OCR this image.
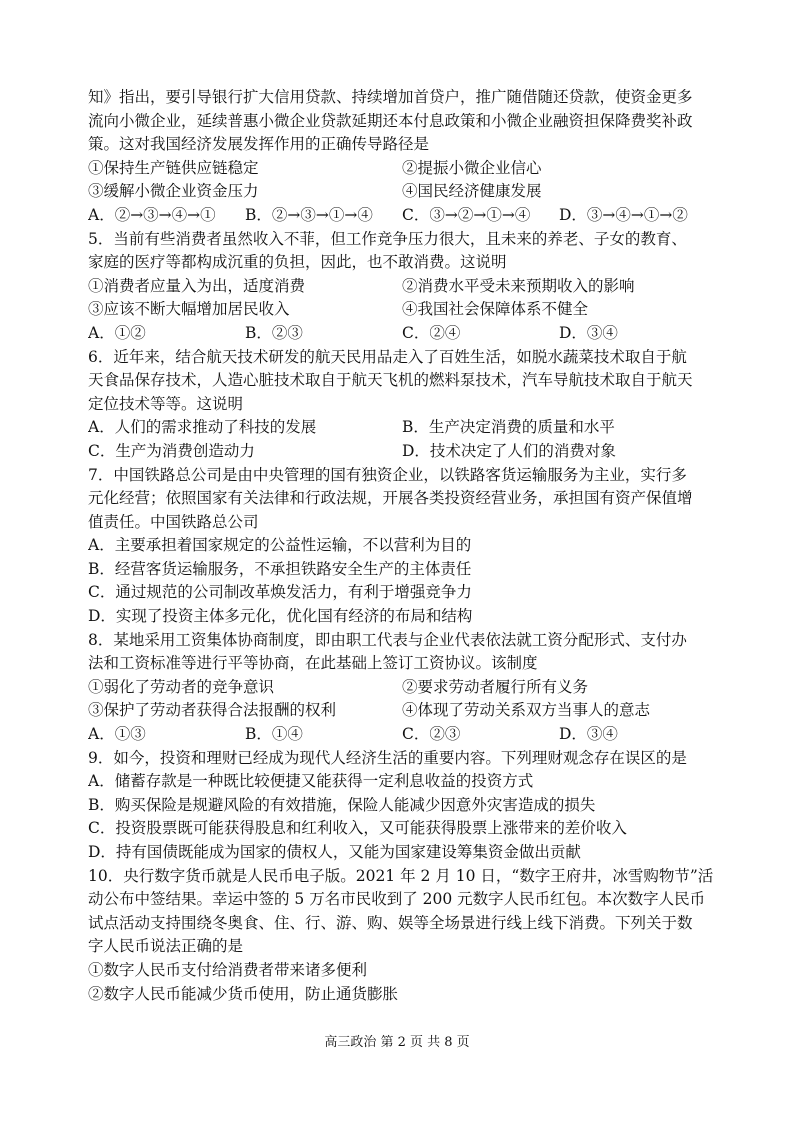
知》指出，要引导银行扩大信用贷款、持续增加首贷户，推广随借随还贷款，使资金更多
流向小微企业，延续普惠小微企业贷款延期还本付息政策和小微企业融资担保降费奖补政
策。这对我国经济发展发挥作用的正确传导路径是
①保持生产链供应链稳定	②提振小微企业信心
③缓解小微企业资金压力	④国民经济健康发展
A．②→③→④→①	B．②→③→①→④	C．③→②→①→④	D．③→④→①→②
5．当前有些消费者虽然收入不菲，但工作竞争压力很大，且未来的养老、子女的教育、
家庭的医疗等都构成沉重的负担，因此，也不敢消费。这说明
①消费者应量入为出，适度消费	②消费水平受未来预期收入的影响
③应该不断大幅增加居民收入	④我国社会保障体系不健全
A．①②	B．②③	C．②④	D．③④
6．近年来，结合航天技术研发的航天民用品走入了百姓生活，如脱水蔬菜技术取自于航
天食品保存技术，人造心脏技术取自于航天飞机的燃料泵技术，汽车导航技术取自于航天
定位技术等等。这说明
A．人们的需求推动了科技的发展	B．生产决定消费的质量和水平
C．生产为消费创造动力	D．技术决定了人们的消费对象
7．中国铁路总公司是由中央管理的国有独资企业，以铁路客货运输服务为主业，实行多
元化经营；依照国家有关法律和行政法规，开展各类投资经营业务，承担国有资产保值增
值责任。中国铁路总公司
A．主要承担着国家规定的公益性运输，不以营利为目的
B．经营客货运输服务，不承担铁路安全生产的主体责任
C．通过规范的公司制改革焕发活力，有利于增强竞争力
D．实现了投资主体多元化，优化国有经济的布局和结构
8．某地采用工资集体协商制度，即由职工代表与企业代表依法就工资分配形式、支付办
法和工资标准等进行平等协商，在此基础上签订工资协议。该制度
①弱化了劳动者的竞争意识	②要求劳动者履行所有义务
③保护了劳动者获得合法报酬的权利	④体现了劳动关系双方当事人的意志
A．①③	B．①④	C．②③	D．③④
9．如今，投资和理财已经成为现代人经济生活的重要内容。下列理财观念存在误区的是
A．储蓄存款是一种既比较便捷又能获得一定利息收益的投资方式
B．购买保险是规避风险的有效措施，保险人能减少因意外灾害造成的损失
C．投资股票既可能获得股息和红利收入，又可能获得股票上涨带来的差价收入
D．持有国债既能成为国家的债权人，又能为国家建设筹集资金做出贡献
10．央行数字货币就是人民币电子版。2021 年 2 月 10 日，“数字王府井，冰雪购物节”活
动公布中签结果。幸运中签的 5 万名市民收到了 200 元数字人民币红包。本次数字人民币
试点活动支持围绕冬奥食、住、行、游、购、娱等全场景进行线上线下消费。下列关于数
字人民币说法正确的是
①数字人民币支付给消费者带来诸多便利
②数字人民币能减少货币使用，防止通货膨胀
高三政治 第 2 页 共 8 页
